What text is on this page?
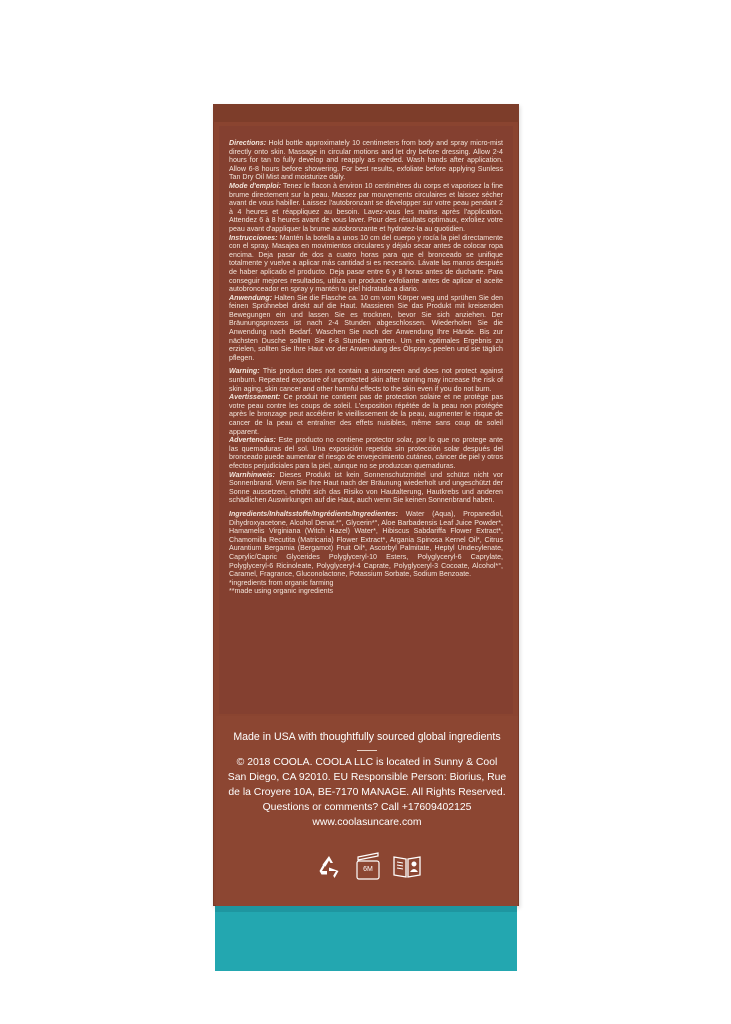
Directions: Hold bottle approximately 10 centimeters from body and spray micro-mist directly onto skin. Massage in circular motions and let dry before dressing. Allow 2-4 hours for tan to fully develop and reapply as needed. Wash hands after application. Allow 6-8 hours before showering. For best results, exfoliate before applying Sunless Tan Dry Oil Mist and moisturize daily.

Mode d'emploi: Tenez le flacon à environ 10 centimètres du corps et vaporisez la fine brume directement sur la peau. Massez par mouvements circulaires et laissez sécher avant de vous habiller. Laissez l'autobronzant se développer sur votre peau pendant 2 à 4 heures et réappliquez au besoin. Lavez-vous les mains après l'application. Attendez 6 à 8 heures avant de vous laver. Pour des résultats optimaux, exfoliez votre peau avant d'appliquer la brume autobronzante et hydratez-la au quotidien.

Instrucciones: Mantén la botella a unos 10 cm del cuerpo y rocía la piel directamente con el spray. Masajea en movimientos circulares y déjalo secar antes de colocar ropa encima. Deja pasar de dos a cuatro horas para que el bronceado se unifique totalmente y vuelve a aplicar más cantidad si es necesario. Lávate las manos después de haber aplicado el producto. Deja pasar entre 6 y 8 horas antes de ducharte. Para conseguir mejores resultados, utiliza un producto exfoliante antes de aplicar el aceite autobronceador en spray y mantén tu piel hidratada a diario.

Anwendung: Halten Sie die Flasche ca. 10 cm vom Körper weg und sprühen Sie den feinen Sprühnebel direkt auf die Haut. Massieren Sie das Produkt mit kreisenden Bewegungen ein und lassen Sie es trocknen, bevor Sie sich anziehen. Der Bräunungsprozess ist nach 2-4 Stunden abgeschlossen. Wiederholen Sie die Anwendung nach Bedarf. Waschen Sie nach der Anwendung Ihre Hände. Bis zur nächsten Dusche sollten Sie 6-8 Stunden warten. Um ein optimales Ergebnis zu erzielen, sollten Sie Ihre Haut vor der Anwendung des Ölsprays peelen und sie täglich pflegen.

Warning: This product does not contain a sunscreen and does not protect against sunburn. Repeated exposure of unprotected skin after tanning may increase the risk of skin aging, skin cancer and other harmful effects to the skin even if you do not burn.

Avertissement: Ce produit ne contient pas de protection solaire et ne protège pas votre peau contre les coups de soleil. L'exposition répétée de la peau non protégée après le bronzage peut accélérer le vieillissement de la peau, augmenter le risque de cancer de la peau et entraîner des effets nuisibles, même sans coup de soleil apparent.

Advertencias: Este producto no contiene protector solar, por lo que no protege ante las quemaduras del sol. Una exposición repetida sin protección solar después del bronceado puede aumentar el riesgo de envejecimiento cutáneo, cáncer de piel y otros efectos perjudiciales para la piel, aunque no se produzcan quemaduras.

Warnhinweis: Dieses Produkt ist kein Sonnenschutzmittel und schützt nicht vor Sonnenbrand. Wenn Sie Ihre Haut nach der Bräunung wiederholt und ungeschützt der Sonne aussetzen, erhöht sich das Risiko von Hautalterung, Hautkrebs und anderen schädlichen Auswirkungen auf die Haut, auch wenn Sie keinen Sonnenbrand haben.

Ingredients/Inhaltsstoffe/Ingrédients/Ingredientes: Water (Aqua), Propanediol, Dihydroxyacetone, Alcohol Denat.*°, Glycerin*°, Aloe Barbadensis Leaf Juice Powder*, Hamamelis Virginiana (Witch Hazel) Water*, Hibiscus Sabdariffa Flower Extract*, Chamomilla Recutita (Matricaria) Flower Extract*, Argania Spinosa Kernel Oil*, Citrus Aurantium Bergamia (Bergamot) Fruit Oil*, Ascorbyl Palmitate, Heptyl Undecylenate, Caprylic/Capric Glycerides Polyglyceryl-10 Esters, Polyglyceryl-6 Caprylate, Polyglyceryl-6 Ricinoleate, Polyglyceryl-4 Caprate, Polyglyceryl-3 Cocoate, Alcohol*°, Caramel, Fragrance, Gluconolactone, Potassium Sorbate, Sodium Benzoate.

*ingredients from organic farming

**made using organic ingredients

Made in USA with thoughtfully sourced global ingredients
© 2018 COOLA. COOLA LLC is located in Sunny & Cool
San Diego, CA 92010. EU Responsible Person: Biorius, Rue
de la Croyere 10A, BE-7170 MANAGE. All Rights Reserved.
Questions or comments? Call +17609402125
www.coolasuncare.com
6M
